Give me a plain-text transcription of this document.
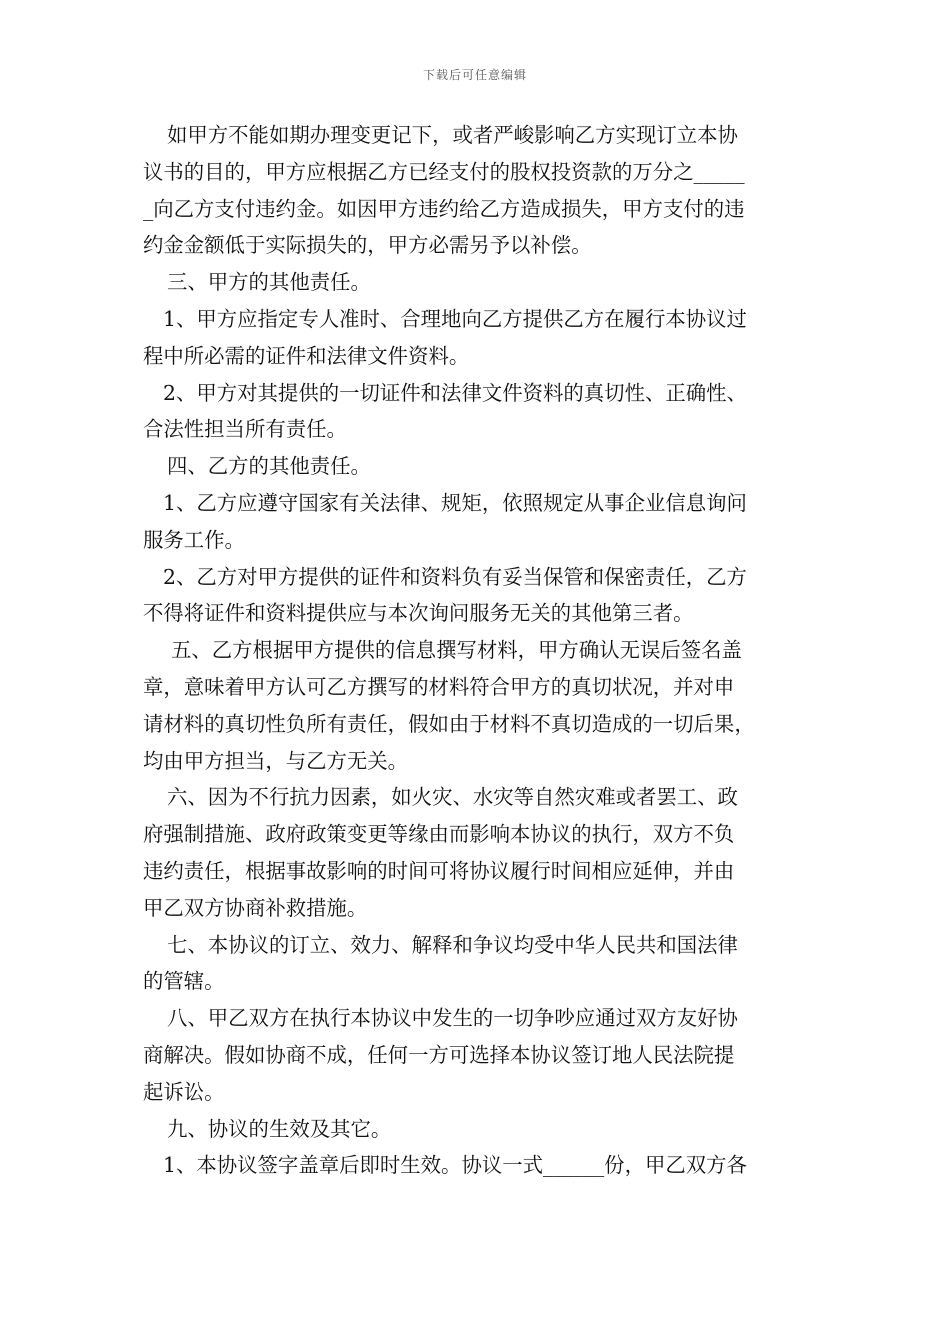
下载后可任意编辑
如甲方不能如期办理变更记下，或者严峻影响乙方实现订立本协
议书的目的，甲方应根据乙方已经支付的股权投资款的万分之_____
_向乙方支付违约金。如因甲方违约给乙方造成损失，甲方支付的违
约金金额低于实际损失的，甲方必需另予以补偿。
三、甲方的其他责任。
1、甲方应指定专人准时、合理地向乙方提供乙方在履行本协议过
程中所必需的证件和法律文件资料。
2、甲方对其提供的一切证件和法律文件资料的真切性、正确性、
合法性担当所有责任。
四、乙方的其他责任。
1、乙方应遵守国家有关法律、规矩，依照规定从事企业信息询问
服务工作。
2、乙方对甲方提供的证件和资料负有妥当保管和保密责任，乙方
不得将证件和资料提供应与本次询问服务无关的其他第三者。
五、乙方根据甲方提供的信息撰写材料，甲方确认无误后签名盖
章，意味着甲方认可乙方撰写的材料符合甲方的真切状况，并对申
请材料的真切性负所有责任，假如由于材料不真切造成的一切后果，
均由甲方担当，与乙方无关。
六、因为不行抗力因素，如火灾、水灾等自然灾难或者罢工、政
府强制措施、政府政策变更等缘由而影响本协议的执行，双方不负
违约责任，根据事故影响的时间可将协议履行时间相应延伸，并由
甲乙双方协商补救措施。
七、本协议的订立、效力、解释和争议均受中华人民共和国法律
的管辖。
八、甲乙双方在执行本协议中发生的一切争吵应通过双方友好协
商解决。假如协商不成，任何一方可选择本协议签订地人民法院提
起诉讼。
九、协议的生效及其它。
1、本协议签字盖章后即时生效。协议一式______份，甲乙双方各
